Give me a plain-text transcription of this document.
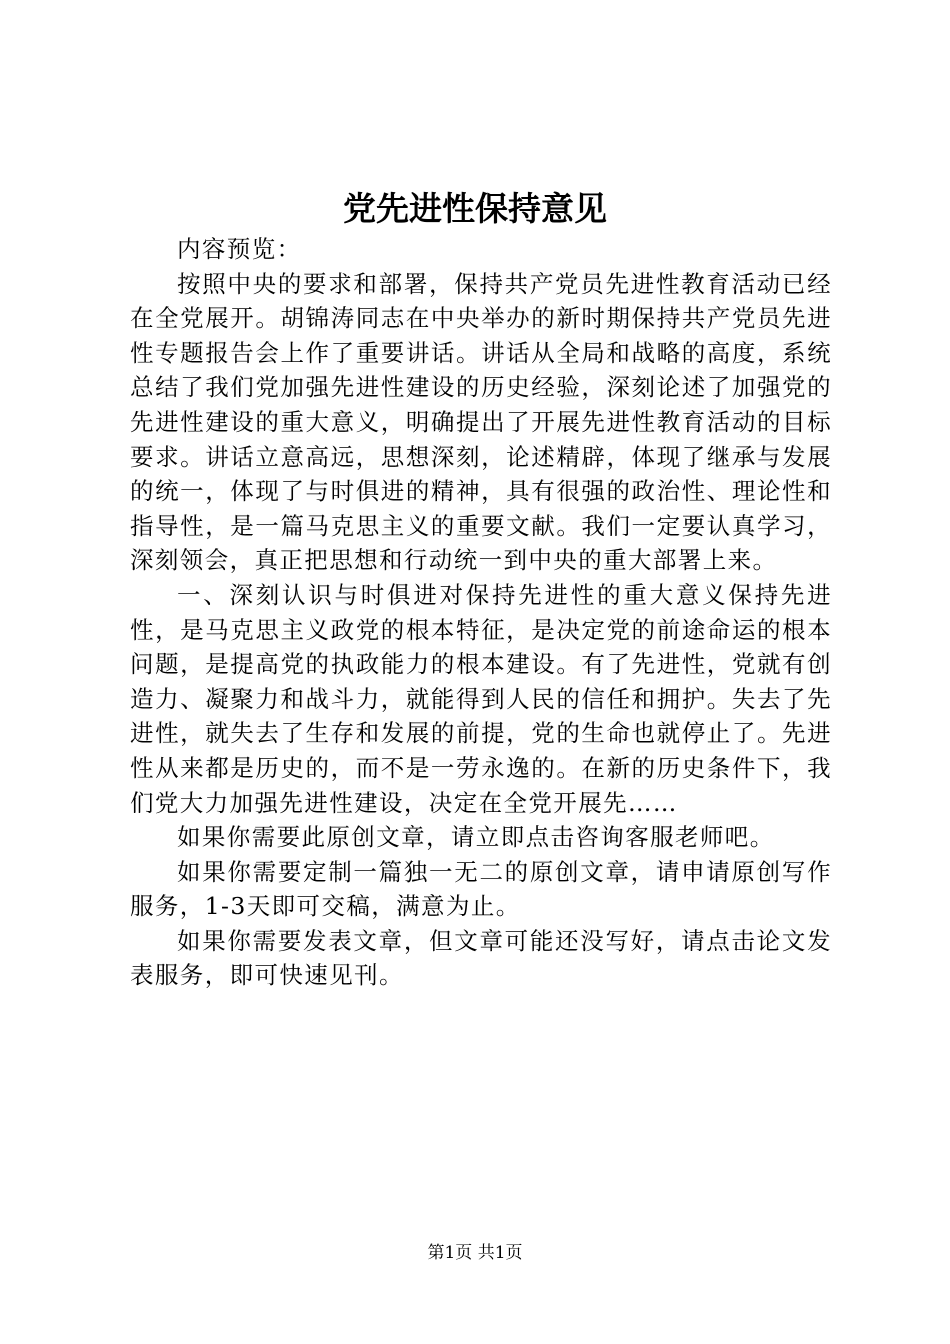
党先进性保持意见

内容预览：

按照中央的要求和部署，保持共产党员先进性教育活动已经在全党展开。胡锦涛同志在中央举办的新时期保持共产党员先进性专题报告会上作了重要讲话。讲话从全局和战略的高度，系统总结了我们党加强先进性建设的历史经验，深刻论述了加强党的先进性建设的重大意义，明确提出了开展先进性教育活动的目标要求。讲话立意高远，思想深刻，论述精辟，体现了继承与发展的统一，体现了与时俱进的精神，具有很强的政治性、理论性和指导性，是一篇马克思主义的重要文献。我们一定要认真学习，深刻领会，真正把思想和行动统一到中央的重大部署上来。

一、深刻认识与时俱进对保持先进性的重大意义保持先进性，是马克思主义政党的根本特征，是决定党的前途命运的根本问题，是提高党的执政能力的根本建设。有了先进性，党就有创造力、凝聚力和战斗力，就能得到人民的信任和拥护。失去了先进性，就失去了生存和发展的前提，党的生命也就停止了。先进性从来都是历史的，而不是一劳永逸的。在新的历史条件下，我们党大力加强先进性建设，决定在全党开展先……

如果你需要此原创文章，请立即点击咨询客服老师吧。

如果你需要定制一篇独一无二的原创文章，请申请原创写作服务，1-3天即可交稿，满意为止。

如果你需要发表文章，但文章可能还没写好，请点击论文发表服务，即可快速见刊。

第1页 共1页
